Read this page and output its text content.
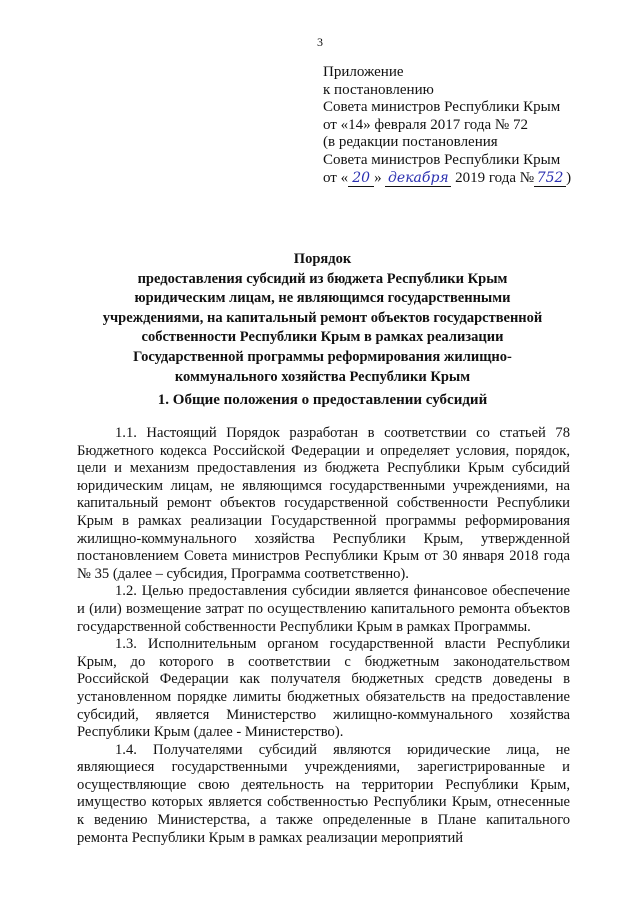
3
Приложение
к постановлению
Совета министров Республики Крым
от «14» февраля 2017 года № 72
(в редакции постановления
Совета министров Республики Крым
от « 20 » декабря 2019 года № 752 )
Порядок
предоставления субсидий из бюджета Республики Крым
юридическим лицам, не являющимся государственными
учреждениями, на капитальный ремонт объектов государственной
собственности Республики Крым в рамках реализации
Государственной программы реформирования жилищно-
коммунального хозяйства Республики Крым
1. Общие положения о предоставлении субсидий

1.1. Настоящий Порядок разработан в соответствии со статьей 78 Бюджетного кодекса Российской Федерации и определяет условия, порядок, цели и механизм предоставления из бюджета Республики Крым субсидий юридическим лицам, не являющимся государственными учреждениями, на капитальный ремонт объектов государственной собственности Республики Крым в рамках реализации Государственной программы реформирования жилищно-коммунального хозяйства Республики Крым, утвержденной постановлением Совета министров Республики Крым от 30 января 2018 года № 35 (далее – субсидия, Программа соответственно).

1.2. Целью предоставления субсидии является финансовое обеспечение и (или) возмещение затрат по осуществлению капитального ремонта объектов государственной собственности Республики Крым в рамках Программы.

1.3. Исполнительным органом государственной власти Республики Крым, до которого в соответствии с бюджетным законодательством Российской Федерации как получателя бюджетных средств доведены в установленном порядке лимиты бюджетных обязательств на предоставление субсидий, является Министерство жилищно-коммунального хозяйства Республики Крым (далее - Министерство).

1.4. Получателями субсидий являются юридические лица, не являющиеся государственными учреждениями, зарегистрированные и осуществляющие свою деятельность на территории Республики Крым, имущество которых является собственностью Республики Крым, отнесенные к ведению Министерства, а также определенные в Плане капитального ремонта Республики Крым в рамках реализации мероприятий
